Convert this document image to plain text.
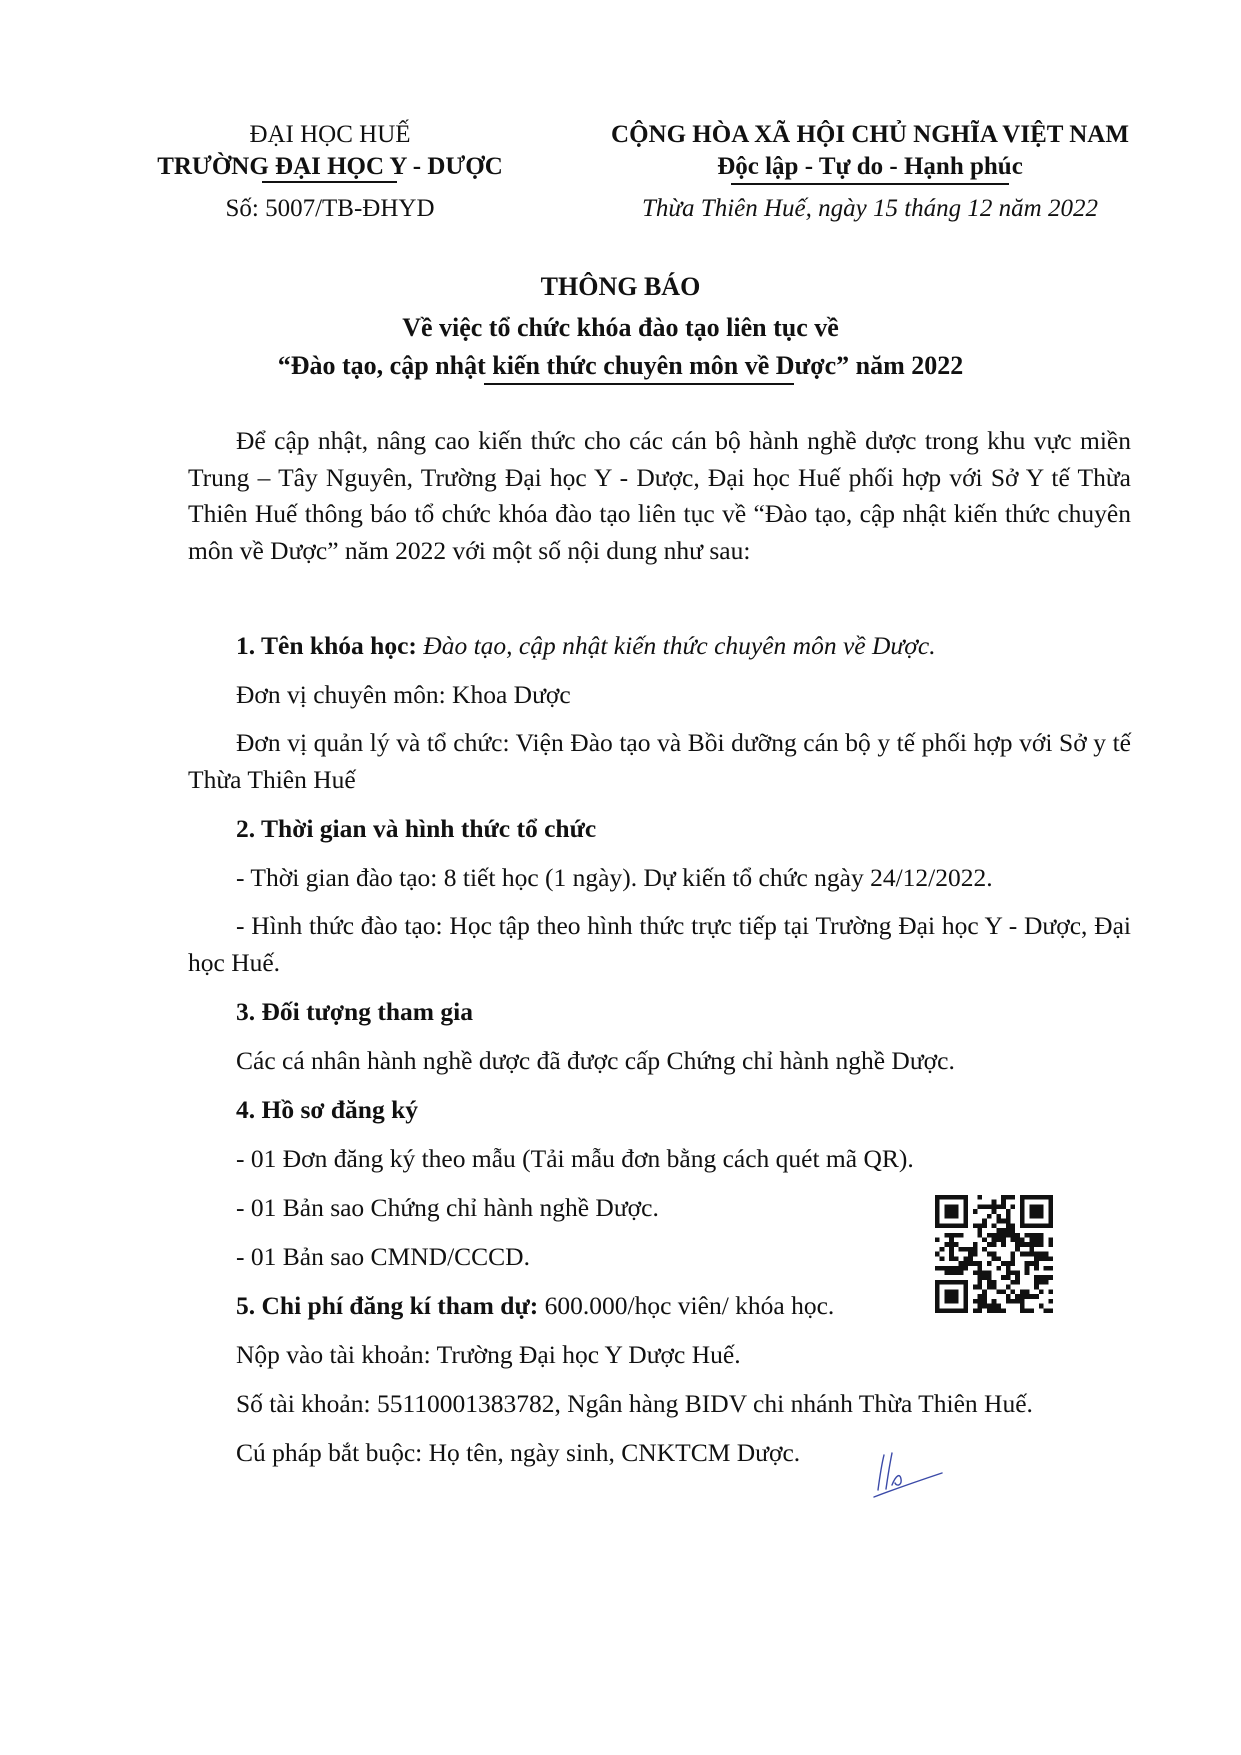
ĐẠI HỌC HUẾ
TRƯỜNG ĐẠI HỌC Y - DƯỢC
Số: 5007/TB-ĐHYD
CỘNG HÒA XÃ HỘI CHỦ NGHĨA VIỆT NAM
Độc lập - Tự do - Hạnh phúc
Thừa Thiên Huế, ngày 15 tháng 12 năm 2022
THÔNG BÁO
Về việc tổ chức khóa đào tạo liên tục về
“Đào tạo, cập nhật kiến thức chuyên môn về Dược” năm 2022
Để cập nhật, nâng cao kiến thức cho các cán bộ hành nghề dược trong khu vực miền Trung – Tây Nguyên, Trường Đại học Y - Dược, Đại học Huế phối hợp với Sở Y tế Thừa Thiên Huế thông báo tổ chức khóa đào tạo liên tục về “Đào tạo, cập nhật kiến thức chuyên môn về Dược” năm 2022 với một số nội dung như sau:
1. Tên khóa học: Đào tạo, cập nhật kiến thức chuyên môn về Dược.
Đơn vị chuyên môn: Khoa Dược
Đơn vị quản lý và tổ chức: Viện Đào tạo và Bồi dưỡng cán bộ y tế phối hợp với Sở y tế Thừa Thiên Huế
2. Thời gian và hình thức tổ chức
- Thời gian đào tạo: 8 tiết học (1 ngày). Dự kiến tổ chức ngày 24/12/2022.
- Hình thức đào tạo: Học tập theo hình thức trực tiếp tại Trường Đại học Y - Dược, Đại học Huế.
3. Đối tượng tham gia
Các cá nhân hành nghề dược đã được cấp Chứng chỉ hành nghề Dược.
4. Hồ sơ đăng ký
- 01 Đơn đăng ký theo mẫu (Tải mẫu đơn bằng cách quét mã QR).
- 01 Bản sao Chứng chỉ hành nghề Dược.
- 01 Bản sao CMND/CCCD.
5. Chi phí đăng kí tham dự: 600.000/học viên/ khóa học.
Nộp vào tài khoản: Trường Đại học Y Dược Huế.
Số tài khoản: 55110001383782, Ngân hàng BIDV chi nhánh Thừa Thiên Huế.
Cú pháp bắt buộc: Họ tên, ngày sinh, CNKTCM Dược.
